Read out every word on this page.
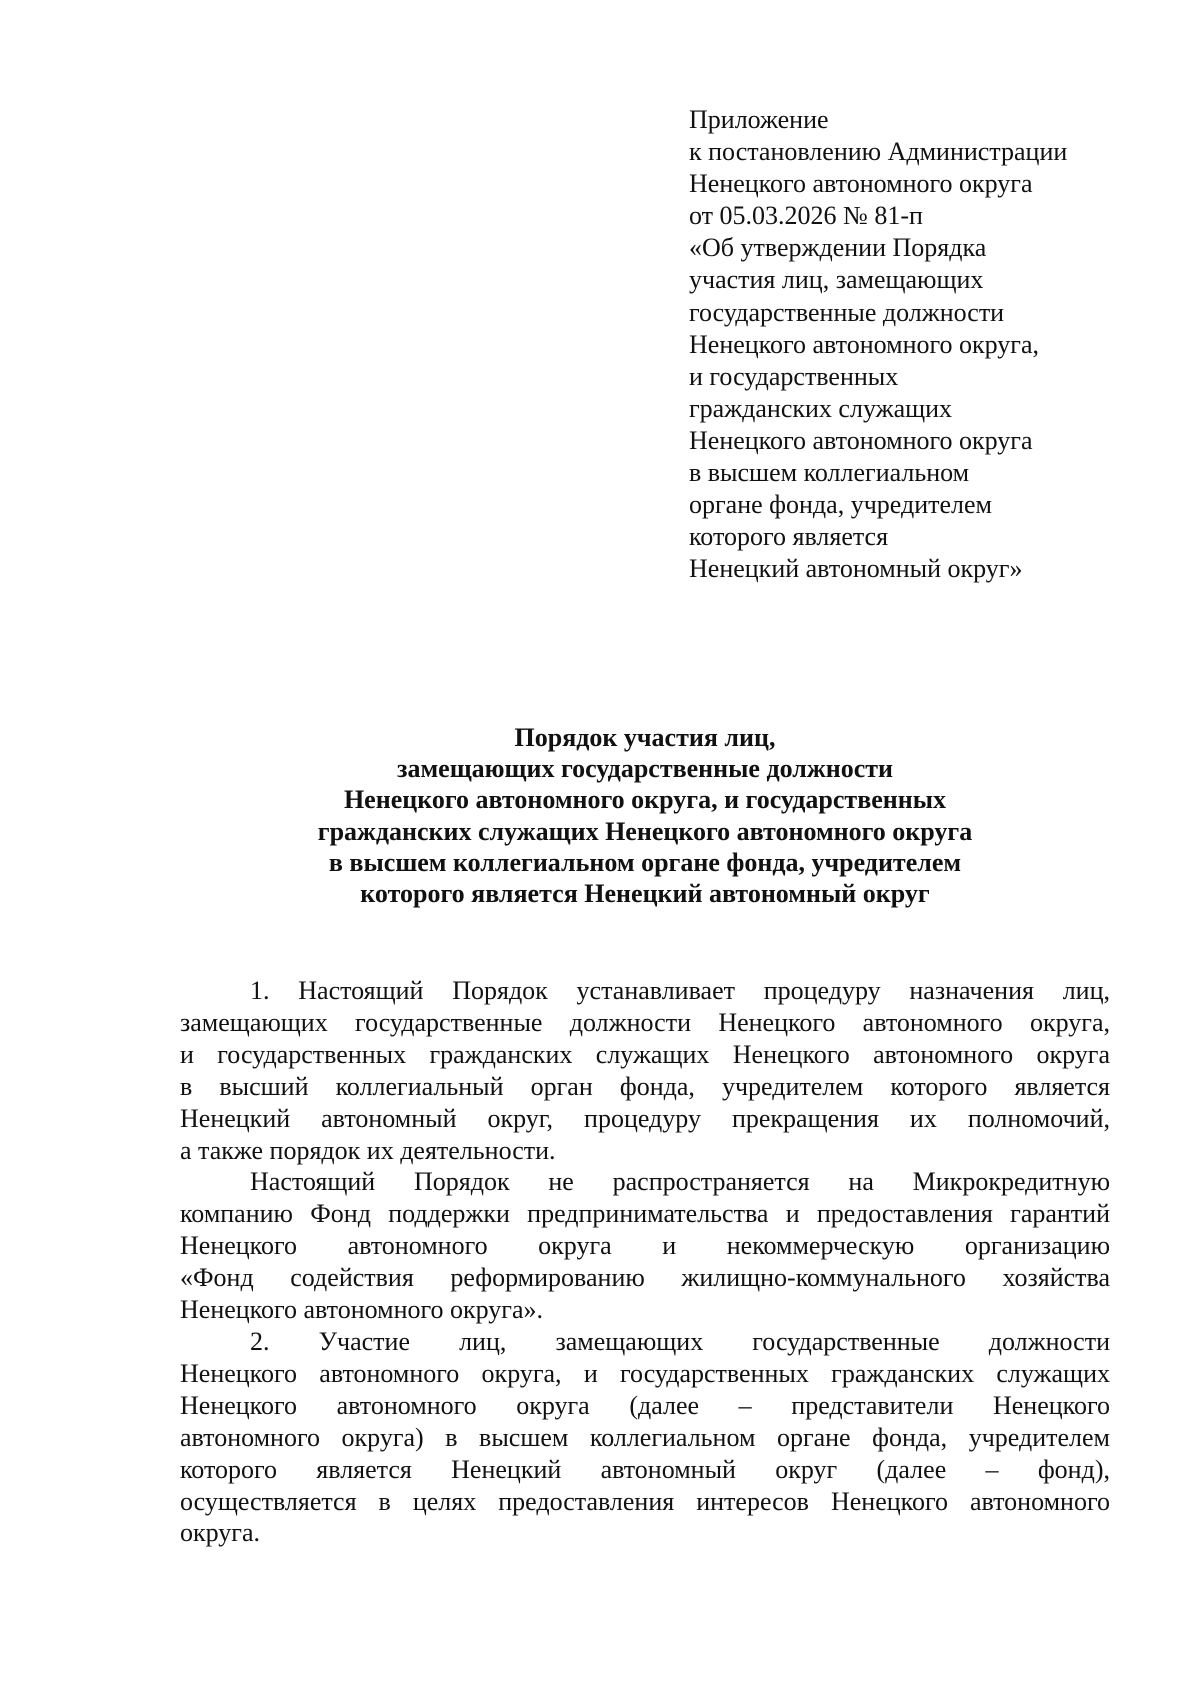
Приложение
к постановлению Администрации
Ненецкого автономного округа
от 05.03.2026 № 81-п
«Об утверждении Порядка
участия лиц, замещающих
государственные должности
Ненецкого автономного округа,
и государственных
гражданских служащих
Ненецкого автономного округа
в высшем коллегиальном
органе фонда, учредителем
которого является
Ненецкий автономный округ»
Порядок участия лиц,
замещающих государственные должности
Ненецкого автономного округа, и государственных
гражданских служащих Ненецкого автономного округа
в высшем коллегиальном органе фонда, учредителем
которого является Ненецкий автономный округ
1. Настоящий Порядок устанавливает процедуру назначения лиц,
замещающих государственные должности Ненецкого автономного округа,
и государственных гражданских служащих Ненецкого автономного округа
в высший коллегиальный орган фонда, учредителем которого является
Ненецкий автономный округ, процедуру прекращения их полномочий,
а также порядок их деятельности.
Настоящий Порядок не распространяется на Микрокредитную
компанию Фонд поддержки предпринимательства и предоставления гарантий
Ненецкого автономного округа и некоммерческую организацию
«Фонд содействия реформированию жилищно-коммунального хозяйства
Ненецкого автономного округа».
2. Участие лиц, замещающих государственные должности
Ненецкого автономного округа, и государственных гражданских служащих
Ненецкого автономного округа (далее – представители Ненецкого
автономного округа) в высшем коллегиальном органе фонда, учредителем
которого является Ненецкий автономный округ (далее – фонд),
осуществляется в целях предоставления интересов Ненецкого автономного
округа.
